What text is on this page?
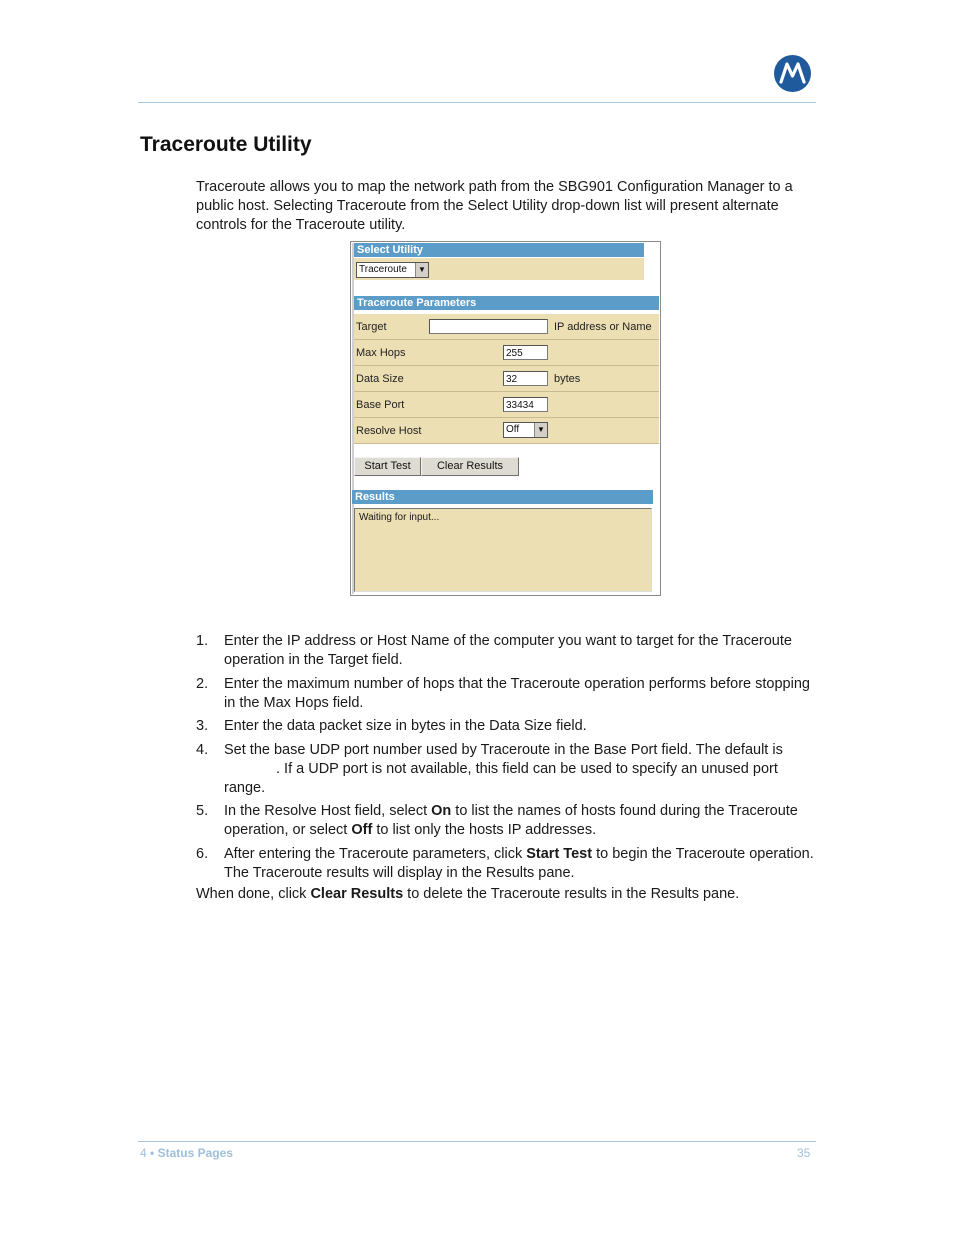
Traceroute Utility

Traceroute allows you to map the network path from the SBG901 Configuration Manager to a public host. Selecting Traceroute from the Select Utility drop-down list will present alternate controls for the Traceroute utility.

Select Utility
Traceroute	▼
Traceroute Parameters
Target	IP address or Name
Max Hops	255
Data Size	32	bytes
Base Port	33434
Resolve Host	Off	▼
Start Test	Clear Results
Results
Waiting for input...
1. Enter the IP address or Host Name of the computer you want to target for the Traceroute operation in the Target field.
2. Enter the maximum number of hops that the Traceroute operation performs before stopping in the Max Hops field.
3. Enter the data packet size in bytes in the Data Size field.
4. Set the base UDP port number used by Traceroute in the Base Port field. The default is. If a UDP port is not available, this field can be used to specify an unused port range.
5. In the Resolve Host field, select On to list the names of hosts found during the Traceroute operation, or select Off to list only the hosts IP addresses.
6. After entering the Traceroute parameters, click Start Test to begin the Traceroute operation. The Traceroute results will display in the Results pane.

When done, click Clear Results to delete the Traceroute results in the Results pane.

4 • Status Pages	35
